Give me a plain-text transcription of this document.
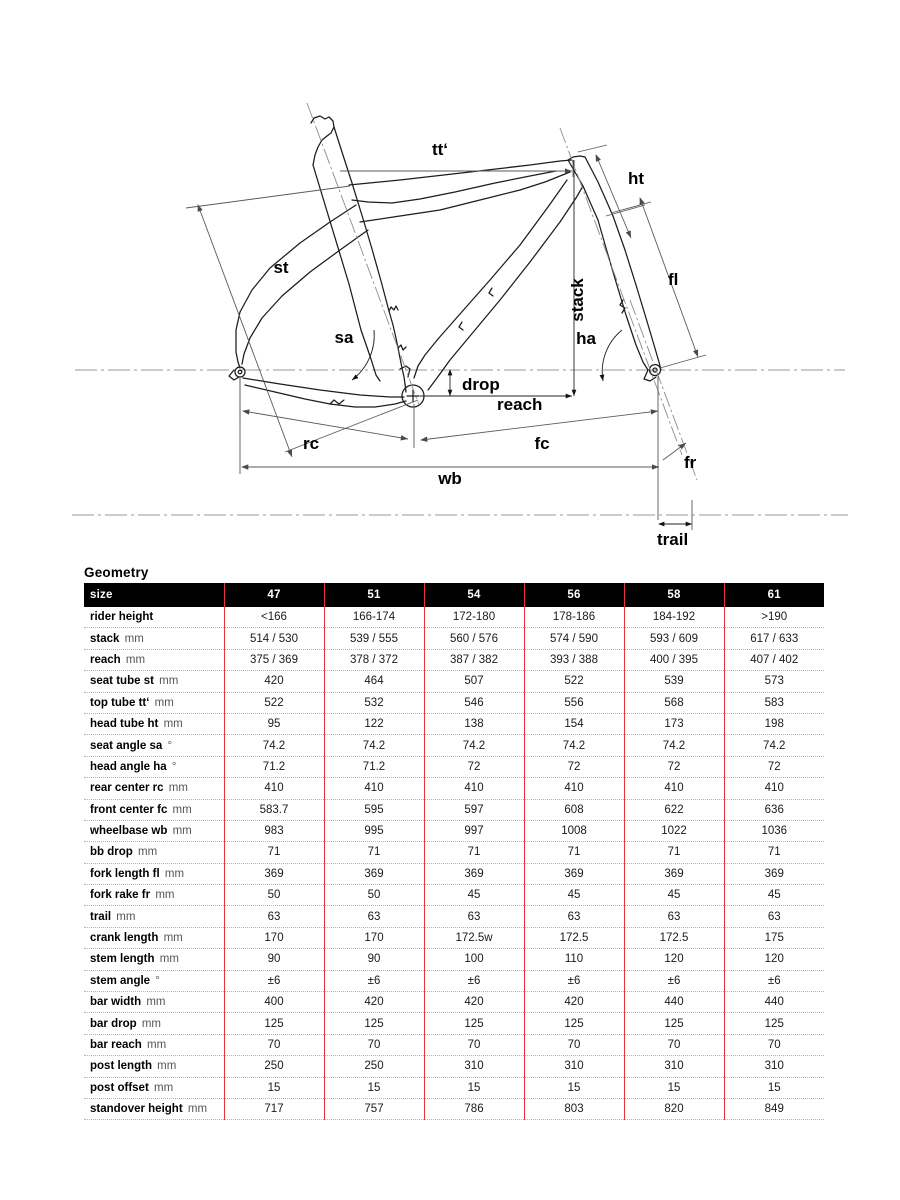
tt‘
ht
st
fl
sa
stack
ha
drop
reach
rc	fc
fr
wb
trail
Geometry
size	47	51	54	56	58	61
rider height	<166	166-174	172-180	178-186	184-192	>190
stack mm	514 / 530	539 / 555	560 / 576	574 / 590	593 / 609	617 / 633
reach mm	375 / 369	378 / 372	387 / 382	393 / 388	400 / 395	407 / 402
seat tube st mm	420	464	507	522	539	573
top tube tt‘ mm	522	532	546	556	568	583
head tube ht mm	95	122	138	154	173	198
seat angle sa °	74.2	74.2	74.2	74.2	74.2	74.2
head angle ha °	71.2	71.2	72	72	72	72
rear center rc mm	410	410	410	410	410	410
front center fc mm	583.7	595	597	608	622	636
wheelbase wb mm	983	995	997	1008	1022	1036
bb drop mm	71	71	71	71	71	71
fork length fl mm	369	369	369	369	369	369
fork rake fr mm	50	50	45	45	45	45
trail mm	63	63	63	63	63	63
crank length mm	170	170	172.5w	172.5	172.5	175
stem length mm	90	90	100	110	120	120
stem angle °	±6	±6	±6	±6	±6	±6
bar width mm	400	420	420	420	440	440
bar drop mm	125	125	125	125	125	125
bar reach mm	70	70	70	70	70	70
post length mm	250	250	310	310	310	310
post offset mm	15	15	15	15	15	15
standover height mm	717	757	786	803	820	849
